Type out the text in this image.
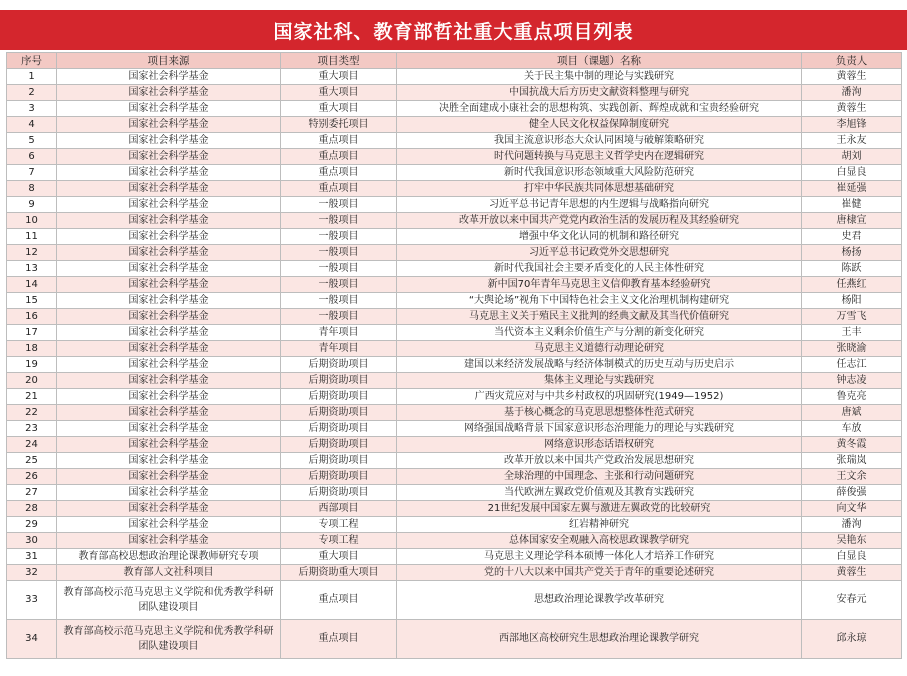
国家社科、教育部哲社重大重点项目列表
序号	项目来源	项目类型	项目（课题）名称	负责人
1	国家社会科学基金	重大项目	关于民主集中制的理论与实践研究	黄蓉生
2	国家社会科学基金	重大项目	中国抗战大后方历史文献资料整理与研究	潘洵
3	国家社会科学基金	重大项目	决胜全面建成小康社会的思想构筑、实践创新、辉煌成就和宝贵经验研究	黄蓉生
4	国家社会科学基金	特别委托项目	健全人民文化权益保障制度研究	李旭锋
5	国家社会科学基金	重点项目	我国主流意识形态大众认同困境与破解策略研究	王永友
6	国家社会科学基金	重点项目	时代问题转换与马克思主义哲学史内在逻辑研究	胡刘
7	国家社会科学基金	重点项目	新时代我国意识形态领域重大风险防范研究	白显良
8	国家社会科学基金	重点项目	打牢中华民族共同体思想基础研究	崔延强
9	国家社会科学基金	一般项目	习近平总书记青年思想的内生逻辑与战略指向研究	崔健
10	国家社会科学基金	一般项目	改革开放以来中国共产党党内政治生活的发展历程及其经验研究	唐棣宣
11	国家社会科学基金	一般项目	增强中华文化认同的机制和路径研究	史君
12	国家社会科学基金	一般项目	习近平总书记政党外交思想研究	杨扬
13	国家社会科学基金	一般项目	新时代我国社会主要矛盾变化的人民主体性研究	陈跃
14	国家社会科学基金	一般项目	新中国70年青年马克思主义信仰教育基本经验研究	任燕红
15	国家社会科学基金	一般项目	“大舆论场”视角下中国特色社会主义文化治理机制构建研究	杨阳
16	国家社会科学基金	一般项目	马克思主义关于殖民主义批判的经典文献及其当代价值研究	万雪飞
17	国家社会科学基金	青年项目	当代资本主义剩余价值生产与分割的新变化研究	王丰
18	国家社会科学基金	青年项目	马克思主义道德行动理论研究	张晓渝
19	国家社会科学基金	后期资助项目	建国以来经济发展战略与经济体制模式的历史互动与历史启示	任志江
20	国家社会科学基金	后期资助项目	集体主义理论与实践研究	钟志凌
21	国家社会科学基金	后期资助项目	广西灾荒应对与中共乡村政权的巩固研究(1949—1952)	鲁克亮
22	国家社会科学基金	后期资助项目	基于核心概念的马克思思想整体性范式研究	唐斌
23	国家社会科学基金	后期资助项目	网络强国战略背景下国家意识形态治理能力的理论与实践研究	车放
24	国家社会科学基金	后期资助项目	网络意识形态话语权研究	黄冬霞
25	国家社会科学基金	后期资助项目	改革开放以来中国共产党政治发展思想研究	张瑞岚
26	国家社会科学基金	后期资助项目	全球治理的中国理念、主张和行动问题研究	王文余
27	国家社会科学基金	后期资助项目	当代欧洲左翼政党价值观及其教育实践研究	薛俊强
28	国家社会科学基金	西部项目	21世纪发展中国家左翼与激进左翼政党的比较研究	向文华
29	国家社会科学基金	专项工程	红岩精神研究	潘洵
30	国家社会科学基金	专项工程	总体国家安全观融入高校思政课教学研究	吴艳东
31	教育部高校思想政治理论课教师研究专项	重大项目	马克思主义理论学科本硕博一体化人才培养工作研究	白显良
32	教育部人文社科项目	后期资助重大项目	党的十八大以来中国共产党关于青年的重要论述研究	黄蓉生
33	教育部高校示范马克思主义学院和优秀教学科研团队建设项目	重点项目	思想政治理论课教学改革研究	安春元
34	教育部高校示范马克思主义学院和优秀教学科研团队建设项目	重点项目	西部地区高校研究生思想政治理论课教学研究	邱永琼
